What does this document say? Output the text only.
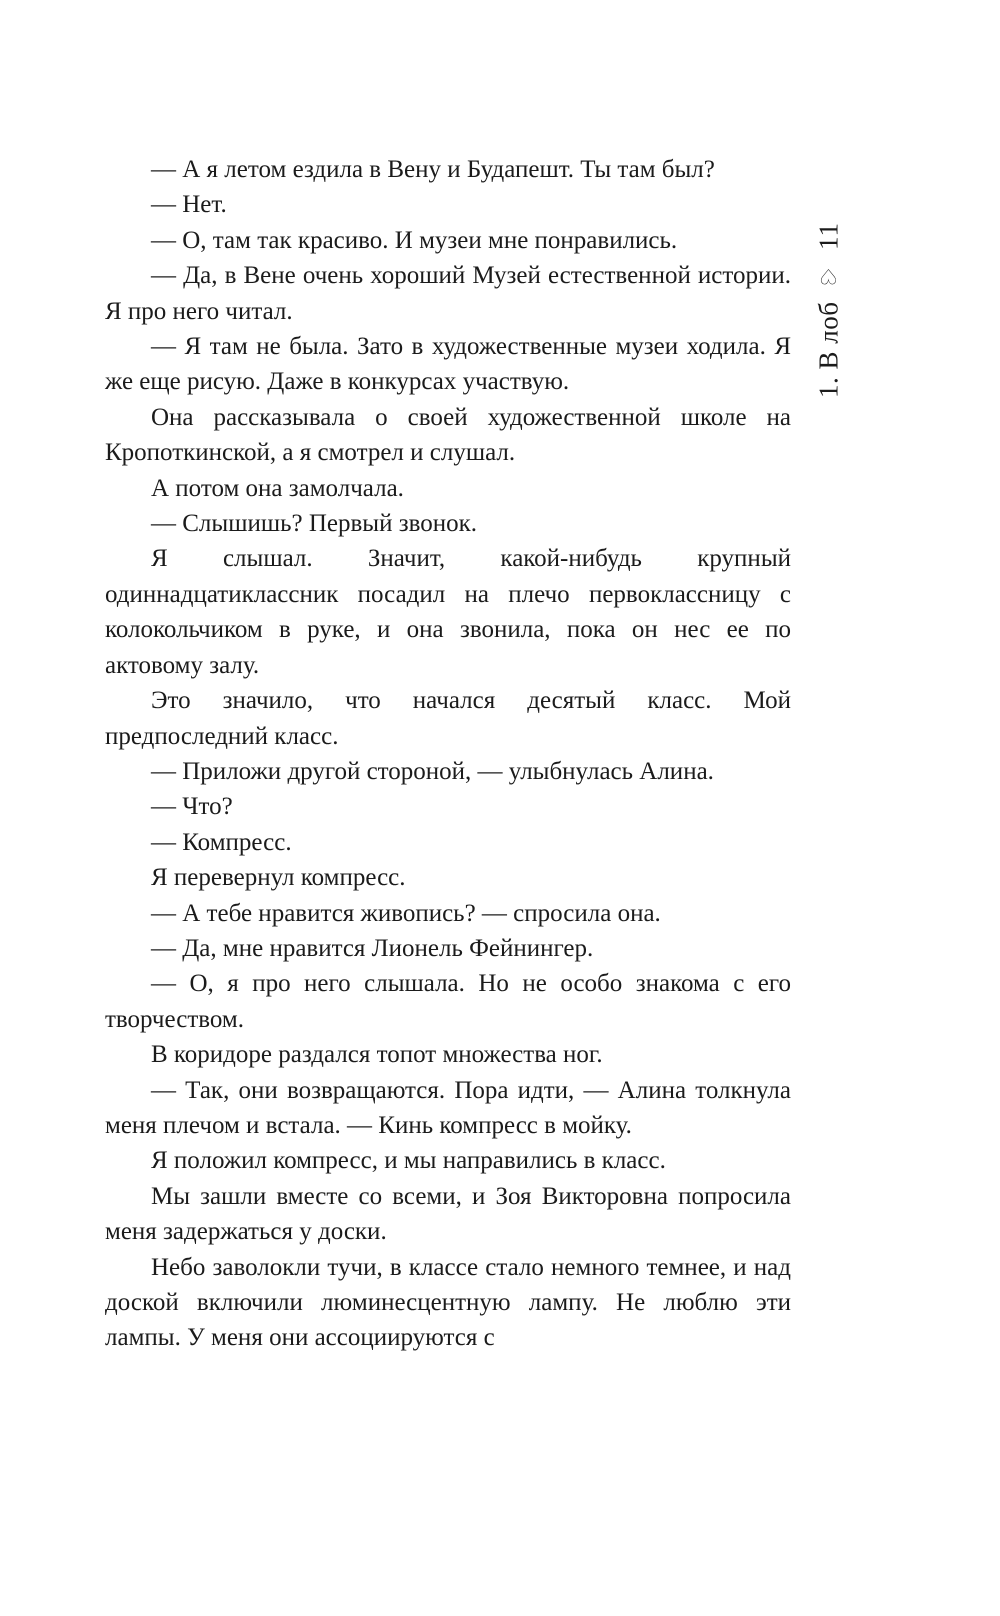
— А я летом ездила в Вену и Будапешт. Ты там был?

— Нет.

— О, там так красиво. И музеи мне понравились.

— Да, в Вене очень хороший Музей естественной истории. Я про него читал.

— Я там не была. Зато в художественные музеи ходила. Я же еще рисую. Даже в конкурсах участвую.

Она рассказывала о своей художественной школе на Кропоткинской, а я смотрел и слушал.

А потом она замолчала.

— Слышишь? Первый звонок.

Я слышал. Значит, какой-нибудь крупный одиннадцатиклассник посадил на плечо первоклассницу с колокольчиком в руке, и она звонила, пока он нес ее по актовому залу.

Это значило, что начался десятый класс. Мой предпоследний класс.

— Приложи другой стороной, — улыбнулась Алина.

— Что?

— Компресс.

Я перевернул компресс.

— А тебе нравится живопись? — спросила она.

— Да, мне нравится Лионель Фейнингер.

— О, я про него слышала. Но не особо знакома с его творчеством.

В коридоре раздался топот множества ног.

— Так, они возвращаются. Пора идти, — Алина толкнула меня плечом и встала. — Кинь компресс в мойку.

Я положил компресс, и мы направились в класс.

Мы зашли вместе со всеми, и Зоя Викторовна попросила меня задержаться у доски.

Небо заволокли тучи, в классе стало немного темнее, и над доской включили люминесцентную лампу. Не люблю эти лампы. У меня они ассоциируются с

1. В лоб
♡
11
